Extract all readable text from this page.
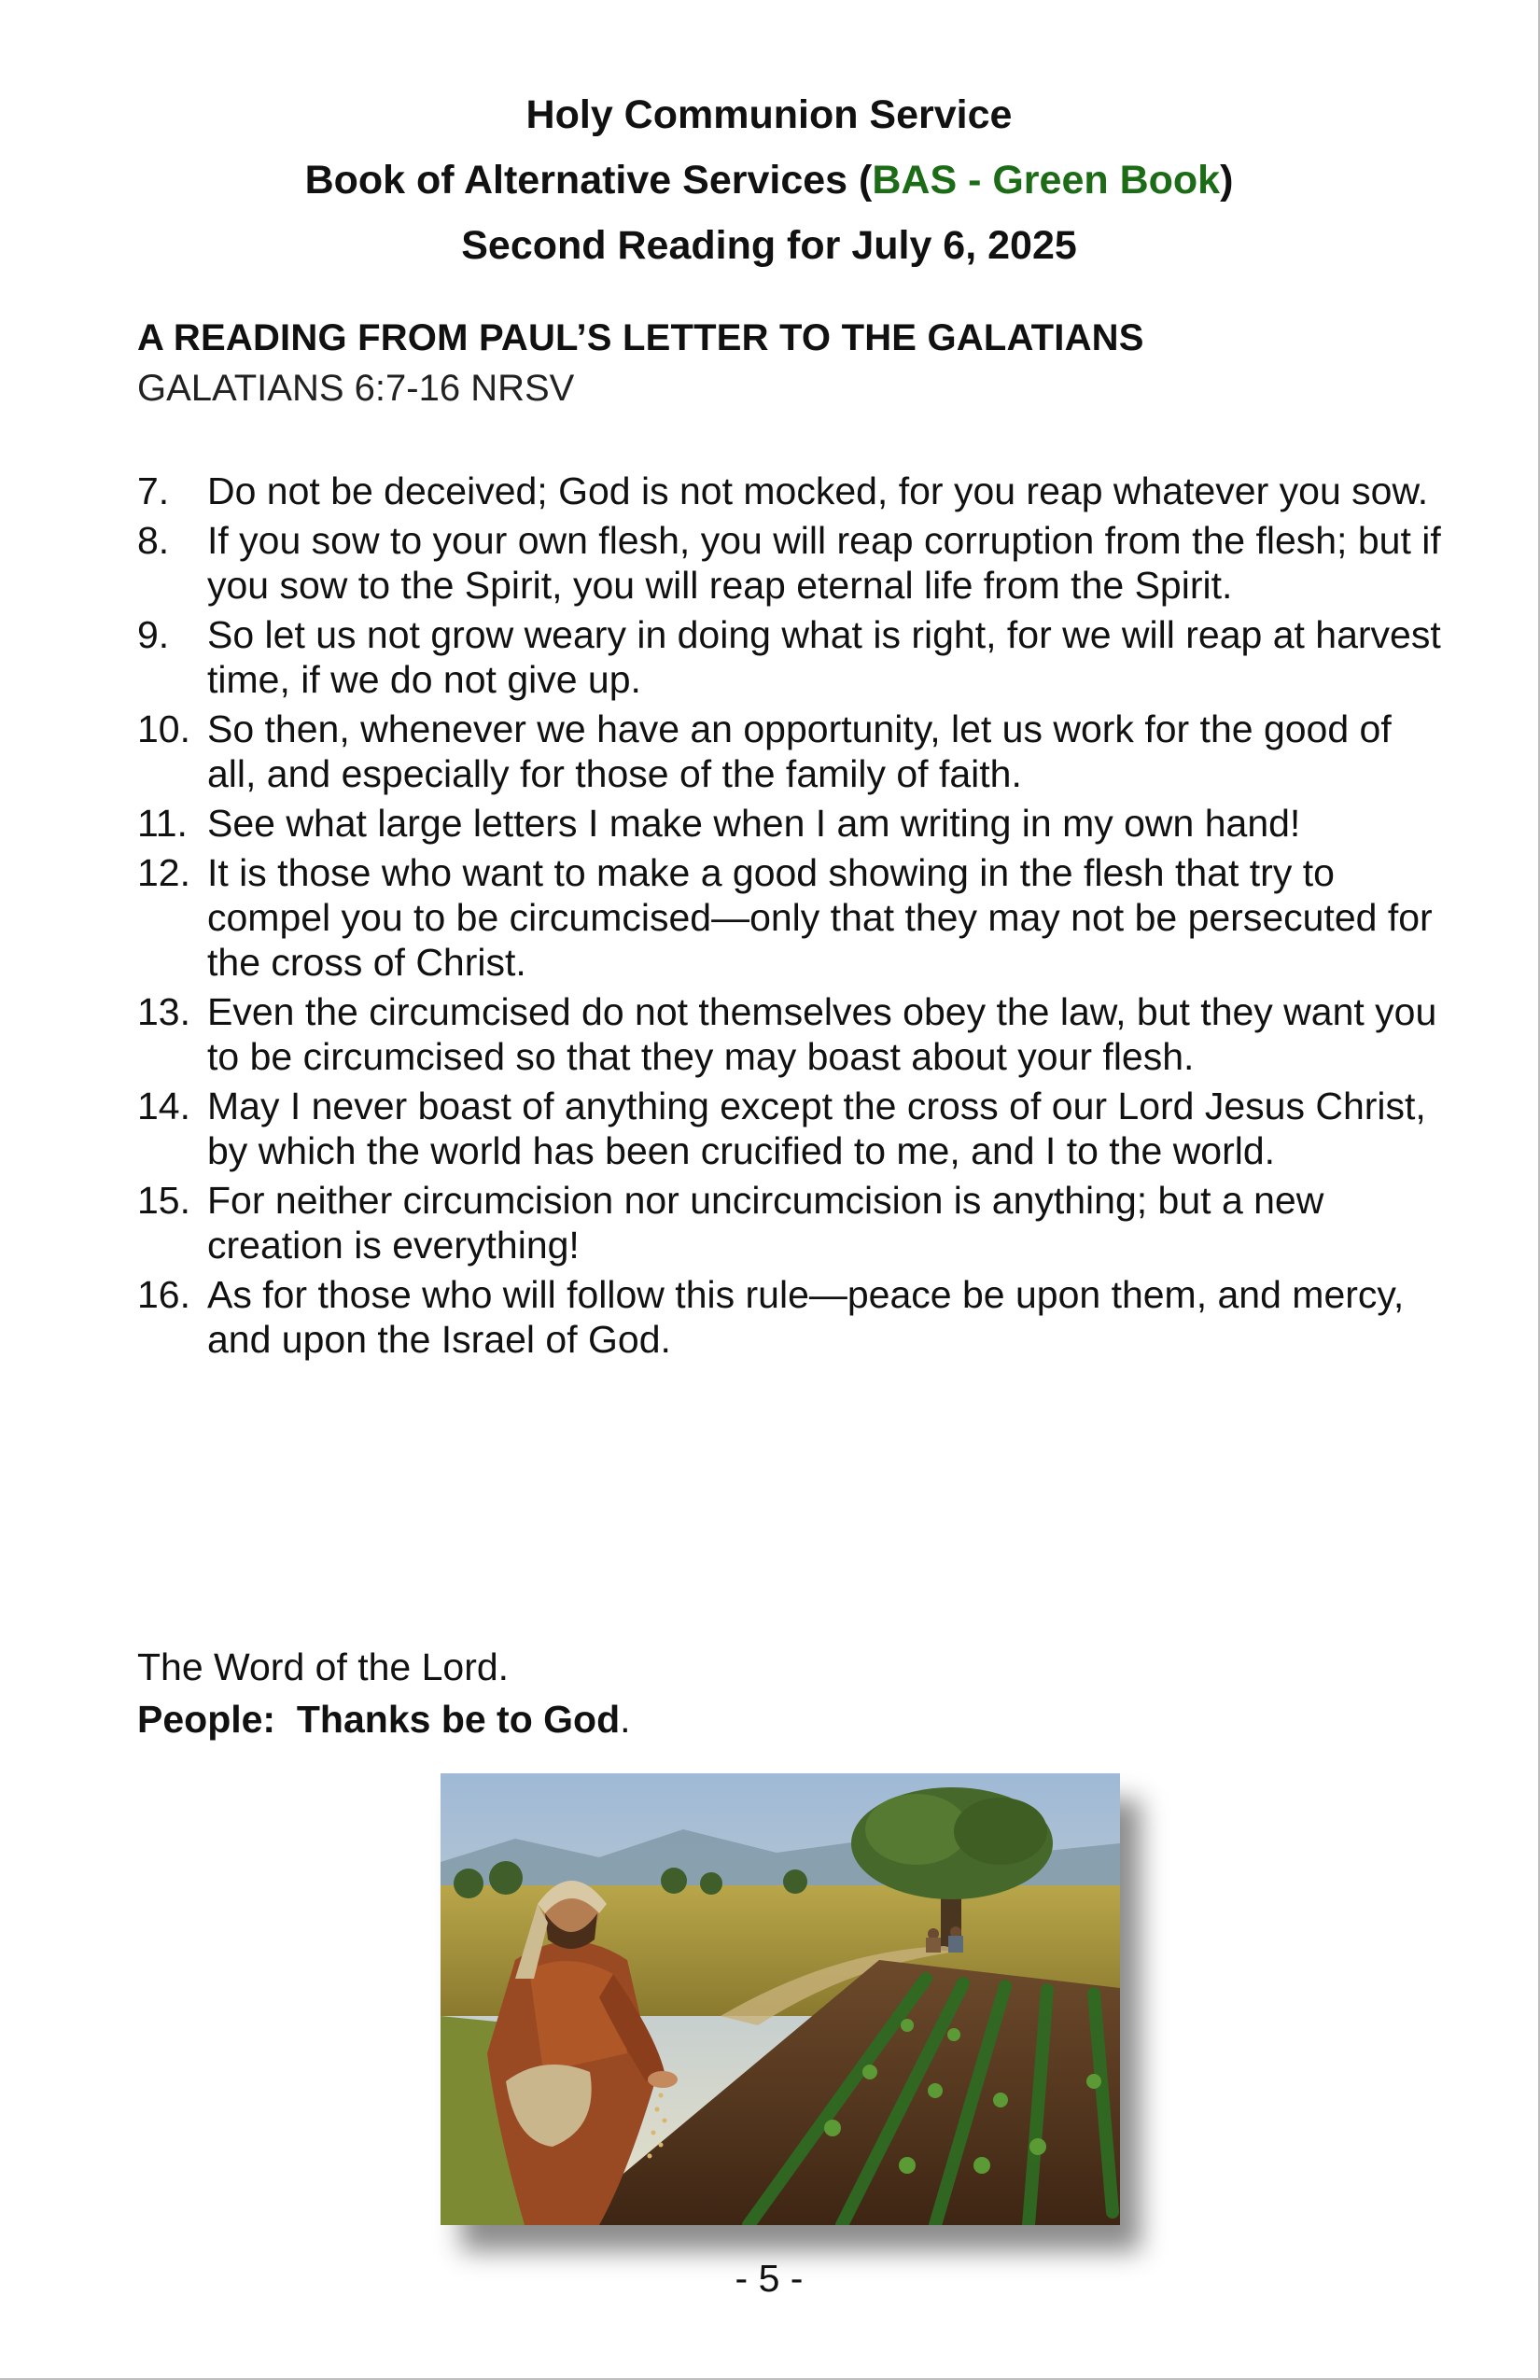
Holy Communion Service
Book of Alternative Services (BAS - Green Book)
Second Reading for July 6, 2025
A READING FROM PAUL’S LETTER TO THE GALATIANS
GALATIANS 6:7-16 NRSV
7. Do not be deceived; God is not mocked, for you reap whatever you sow.
8. If you sow to your own flesh, you will reap corruption from the flesh; but if you sow to the Spirit, you will reap eternal life from the Spirit.
9. So let us not grow weary in doing what is right, for we will reap at harvest time, if we do not give up.
10. So then, whenever we have an opportunity, let us work for the good of all, and especially for those of the family of faith.
11. See what large letters I make when I am writing in my own hand!
12. It is those who want to make a good showing in the flesh that try to compel you to be circumcised—only that they may not be persecuted for the cross of Christ.
13. Even the circumcised do not themselves obey the law, but they want you to be circumcised so that they may boast about your flesh.
14. May I never boast of anything except the cross of our Lord Jesus Christ, by which the world has been crucified to me, and I to the world.
15. For neither circumcision nor uncircumcision is anything; but a new creation is everything!
16. As for those who will follow this rule—peace be upon them, and mercy, and upon the Israel of God.
The Word of the Lord.
People: Thanks be to God.
- 5 -
